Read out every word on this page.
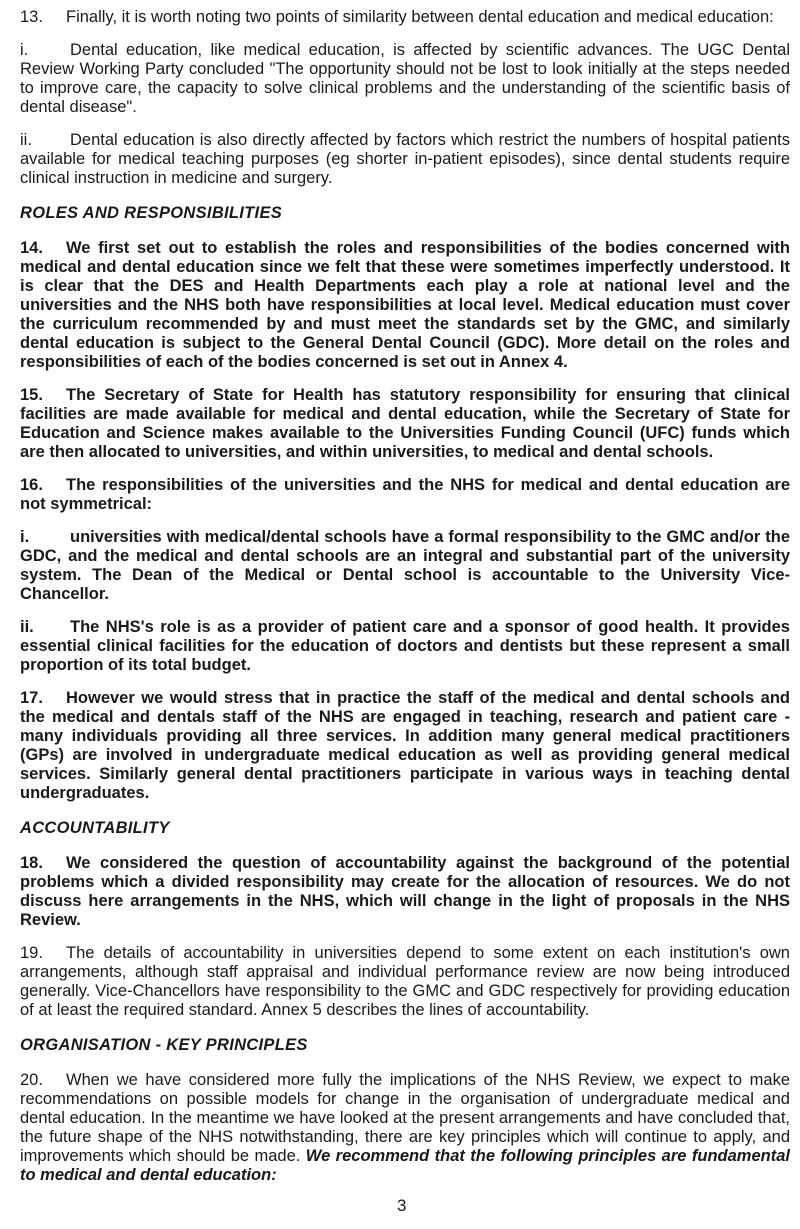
13. Finally, it is worth noting two points of similarity between dental education and medical education:

i.	Dental education, like medical education, is affected by scientific advances. The UGC Dental Review Working Party concluded "The opportunity should not be lost to look initially at the steps needed to improve care, the capacity to solve clinical problems and the understanding of the scientific basis of dental disease".

ii. Dental education is also directly affected by factors which restrict the numbers of hospital patients available for medical teaching purposes (eg shorter in-patient episodes), since dental students require clinical instruction in medicine and surgery.

ROLES AND RESPONSIBILITIES

14. We first set out to establish the roles and responsibilities of the bodies concerned with medical and dental education since we felt that these were sometimes imperfectly understood. It is clear that the DES and Health Departments each play a role at national level and the universities and the NHS both have responsibilities at local level. Medical education must cover the curriculum recommended by and must meet the standards set by the GMC, and similarly dental education is subject to the General Dental Council (GDC). More detail on the roles and responsibilities of each of the bodies concerned is set out in Annex 4.

15. The Secretary of State for Health has statutory responsibility for ensuring that clinical facilities are made available for medical and dental education, while the Secretary of State for Education and Science makes available to the Universities Funding Council (UFC) funds which are then allocated to universities, and within universities, to medical and dental schools.

16. The responsibilities of the universities and the NHS for medical and dental education are not symmetrical:

i. universities with medical/dental schools have a formal responsibility to the GMC and/or the GDC, and the medical and dental schools are an integral and substantial part of the university system. The Dean of the Medical or Dental school is accountable to the University Vice-Chancellor.

ii. The NHS's role is as a provider of patient care and a sponsor of good health. It provides essential clinical facilities for the education of doctors and dentists but these represent a small proportion of its total budget.

17. However we would stress that in practice the staff of the medical and dental schools and the medical and dentals staff of the NHS are engaged in teaching, research and patient care - many individuals providing all three services. In addition many general medical practitioners (GPs) are involved in undergraduate medical education as well as providing general medical services. Similarly general dental practitioners participate in various ways in teaching dental undergraduates.

ACCOUNTABILITY

18. We considered the question of accountability against the background of the potential problems which a divided responsibility may create for the allocation of resources. We do not discuss here arrangements in the NHS, which will change in the light of proposals in the NHS Review.

19. The details of accountability in universities depend to some extent on each institution's own arrangements, although staff appraisal and individual performance review are now being introduced generally. Vice-Chancellors have responsibility to the GMC and GDC respectively for providing education of at least the required standard. Annex 5 describes the lines of accountability.

ORGANISATION - KEY PRINCIPLES

20. When we have considered more fully the implications of the NHS Review, we expect to make recommendations on possible models for change in the organisation of undergraduate medical and dental education. In the meantime we have looked at the present arrangements and have concluded that, the future shape of the NHS notwithstanding, there are key principles which will continue to apply, and improvements which should be made. We recommend that the following principles are fundamental to medical and dental education:

3
